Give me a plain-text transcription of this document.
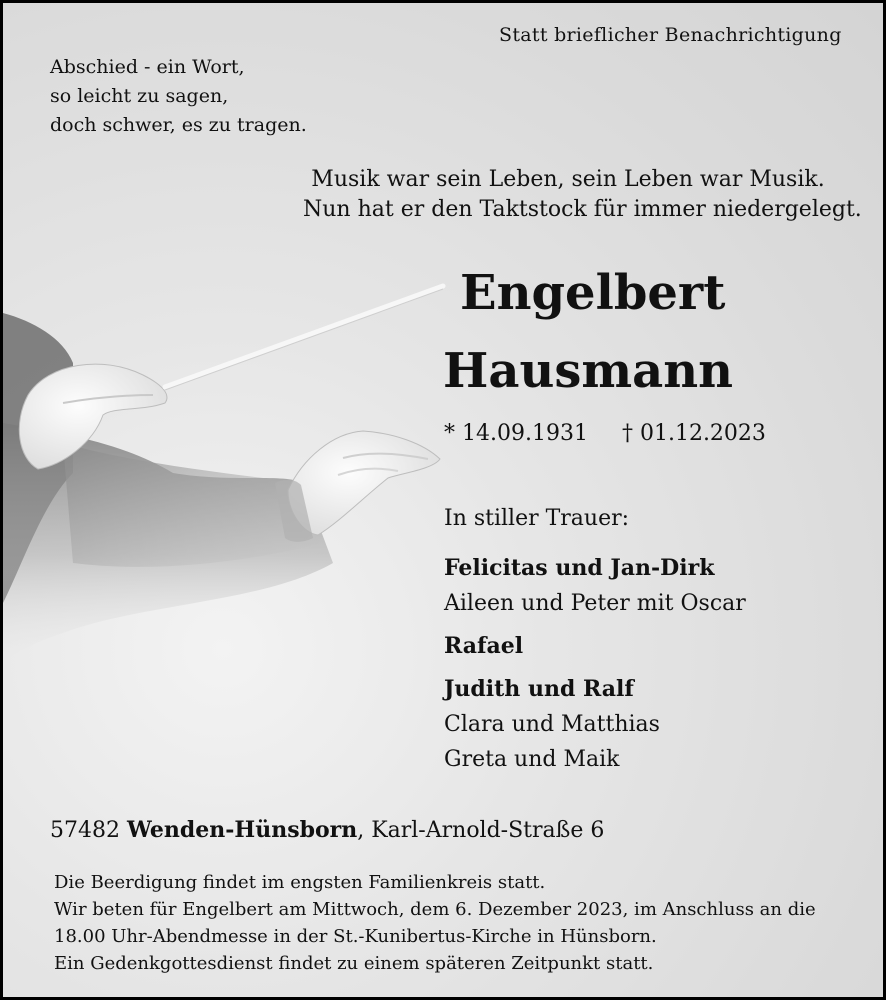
Statt brieflicher Benachrichtigung
Abschied - ein Wort,
so leicht zu sagen,
doch schwer, es zu tragen.
Musik war sein Leben, sein Leben war Musik.
Nun hat er den Taktstock für immer niedergelegt.
Engelbert
Hausmann
* 14.09.1931 † 01.12.2023
In stiller Trauer:
Felicitas und Jan-Dirk
Aileen und Peter mit Oscar
Rafael
Judith und Ralf
Clara und Matthias
Greta und Maik
57482 Wenden-Hünsborn, Karl-Arnold-Straße 6
Die Beerdigung findet im engsten Familienkreis statt.
Wir beten für Engelbert am Mittwoch, dem 6. Dezember 2023, im Anschluss an die
18.00 Uhr-Abendmesse in der St.-Kunibertus-Kirche in Hünsborn.
Ein Gedenkgottesdienst findet zu einem späteren Zeitpunkt statt.
